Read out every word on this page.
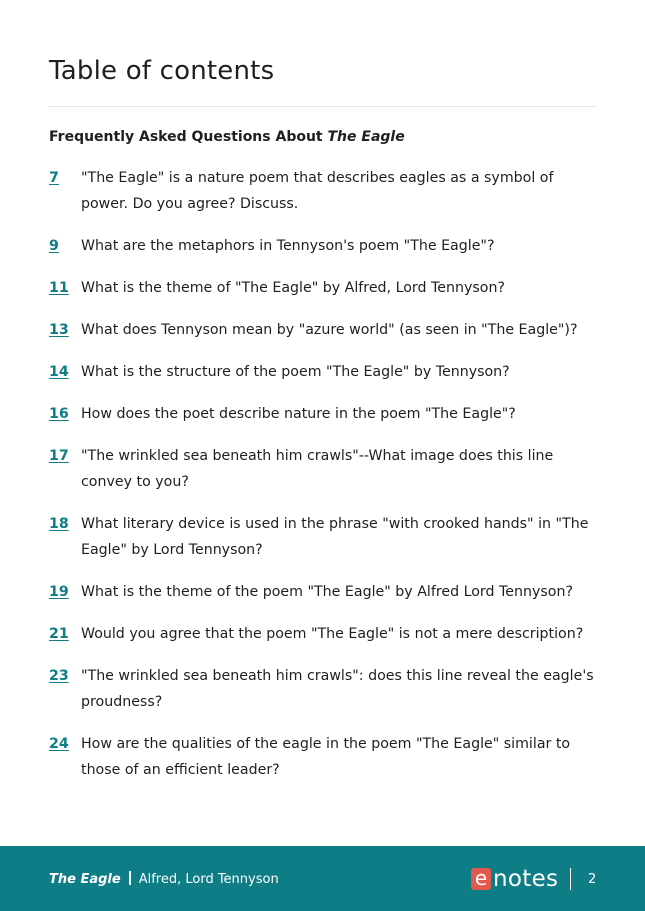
Table of contents
Frequently Asked Questions About The Eagle
7	"The Eagle" is a nature poem that describes eagles as a symbol of power. Do you agree? Discuss.
9	What are the metaphors in Tennyson's poem "The Eagle"?
11 What is the theme of "The Eagle" by Alfred, Lord Tennyson?
13 What does Tennyson mean by "azure world" (as seen in "The Eagle")?
14 What is the structure of the poem "The Eagle" by Tennyson?
16 How does the poet describe nature in the poem "The Eagle"?
17 "The wrinkled sea beneath him crawls"--What image does this line convey to you?
18 What literary device is used in the phrase "with crooked hands" in "The Eagle" by Lord Tennyson?
19 What is the theme of the poem "The Eagle" by Alfred Lord Tennyson?
21 Would you agree that the poem "The Eagle" is not a mere description?
23 "The wrinkled sea beneath him crawls": does this line reveal the eagle's proudness?
24 How are the qualities of the eagle in the poem "The Eagle" similar to those of an efficient leader?
The Eagle Alfred, Lord Tennyson	e notes 2
